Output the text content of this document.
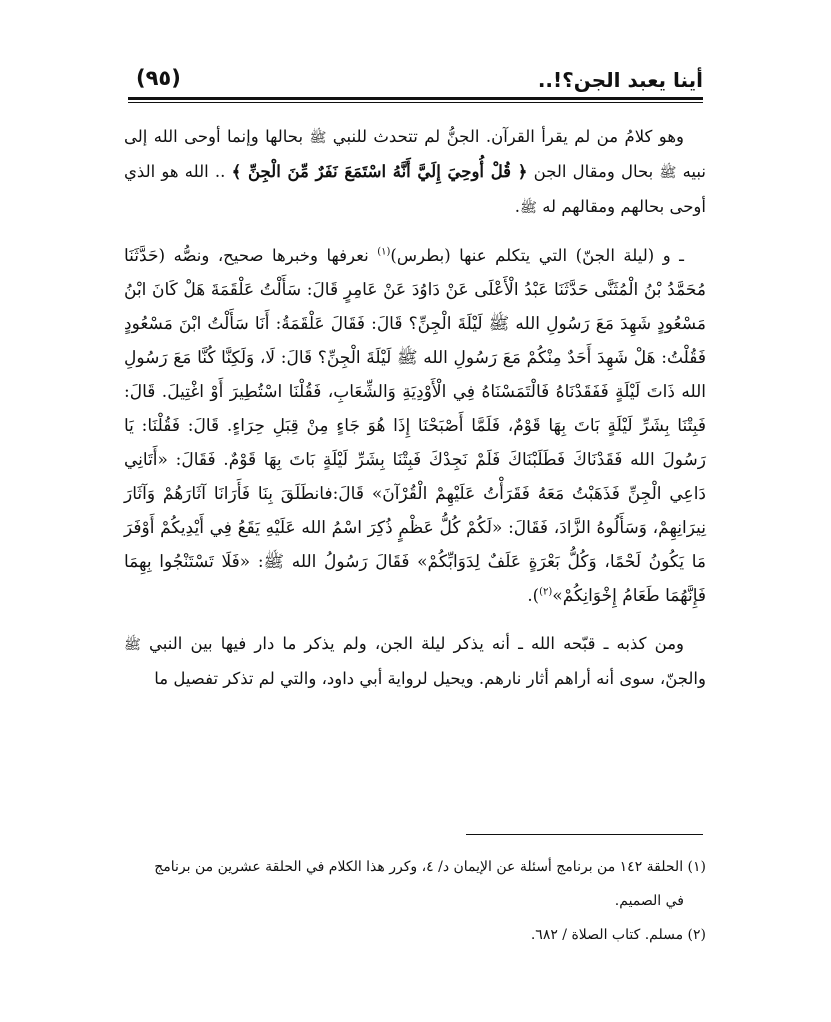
أينا يعبد الجن؟!..
(٩٥)

وهو كلامُ من لم يقرأ القرآن. الجنُّ لم تتحدث للنبي ﷺ بحالها وإنما أوحى الله إلى نبيه ﷺ بحال ومقال الجن ﴿ قُلْ أُوحِيَ إِلَيَّ أَنَّهُ اسْتَمَعَ نَفَرٌ مِّنَ الْجِنِّ ﴾ .. الله هو الذي أوحى بحالهم ومقالهم له ﷺ.

ـ و (ليلة الجنّ) التي يتكلم عنها (بطرس)$^{(١)}$ نعرفها وخبرها صحيح، ونصُّه (حَدَّثَنَا مُحَمَّدُ بْنُ الْمُثَنَّى حَدَّثَنَا عَبْدُ الْأَعْلَى عَنْ دَاوُدَ عَنْ عَامِرٍ قَالَ: سَأَلْتُ عَلْقَمَةَ هَلْ كَانَ ابْنُ مَسْعُودٍ شَهِدَ مَعَ رَسُولِ الله ﷺ لَيْلَةَ الْجِنِّ؟ قَالَ: فَقَالَ عَلْقَمَةُ: أَنَا سَأَلْتُ ابْنَ مَسْعُودٍ فَقُلْتُ: هَلْ شَهِدَ أَحَدٌ مِنْكُمْ مَعَ رَسُولِ الله ﷺ لَيْلَةَ الْجِنِّ؟ قَالَ: لَا، وَلَكِنَّا كُنَّا مَعَ رَسُولِ الله ذَاتَ لَيْلَةٍ فَفَقَدْنَاهُ فَالْتَمَسْنَاهُ فِي الْأَوْدِيَةِ وَالشِّعَابِ، فَقُلْنَا اسْتُطِيرَ أَوْ اغْتِيلَ. قَالَ: فَبِتْنَا بِشَرِّ لَيْلَةٍ بَاتَ بِهَا قَوْمٌ، فَلَمَّا أَصْبَحْنَا إِذَا هُوَ جَاءٍ مِنْ قِبَلِ حِرَاءٍ. قَالَ: فَقُلْنَا: يَا رَسُولَ الله فَقَدْنَاكَ فَطَلَبْنَاكَ فَلَمْ نَجِدْكَ فَبِتْنَا بِشَرِّ لَيْلَةٍ بَاتَ بِهَا قَوْمٌ. فَقَالَ: «أَتَانِي دَاعِي الْجِنِّ فَذَهَبْتُ مَعَهُ فَقَرَأْتُ عَلَيْهِمْ الْقُرْآنَ» قَالَ:فانطَلَقَ بِنَا فَأَرَانَا آثَارَهُمْ وَآثَارَ نِيرَانِهِمْ، وَسَأَلُوهُ الزَّادَ، فَقَالَ: «لَكُمْ كُلُّ عَظْمٍ ذُكِرَ اسْمُ الله عَلَيْهِ يَقَعُ فِي أَيْدِيكُمْ أَوْفَرَ مَا يَكُونُ لَحْمًا، وَكُلُّ بَعْرَةٍ عَلَفٌ لِدَوَابِّكُمْ» فَقَالَ رَسُولُ الله ﷺ: «فَلَا تَسْتَنْجُوا بِهِمَا فَإِنَّهُمَا طَعَامُ إِخْوَانِكُمْ»$^{(٢)}$).

ومن كذبه ـ قبّحه الله ـ أنه يذكر ليلة الجن، ولم يذكر ما دار فيها بين النبي ﷺ والجنّ، سوى أنه أراهم أثار نارهم. ويحيل لرواية أبي داود، والتي لم تذكر تفصيل ما

(١) الحلقة ١٤٢ من برنامج أسئلة عن الإيمان د/ ٤، وكرر هذا الكلام في الحلقة عشرين من برنامج

في الصميم.

(٢) مسلم. كتاب الصلاة / ٦٨٢.
